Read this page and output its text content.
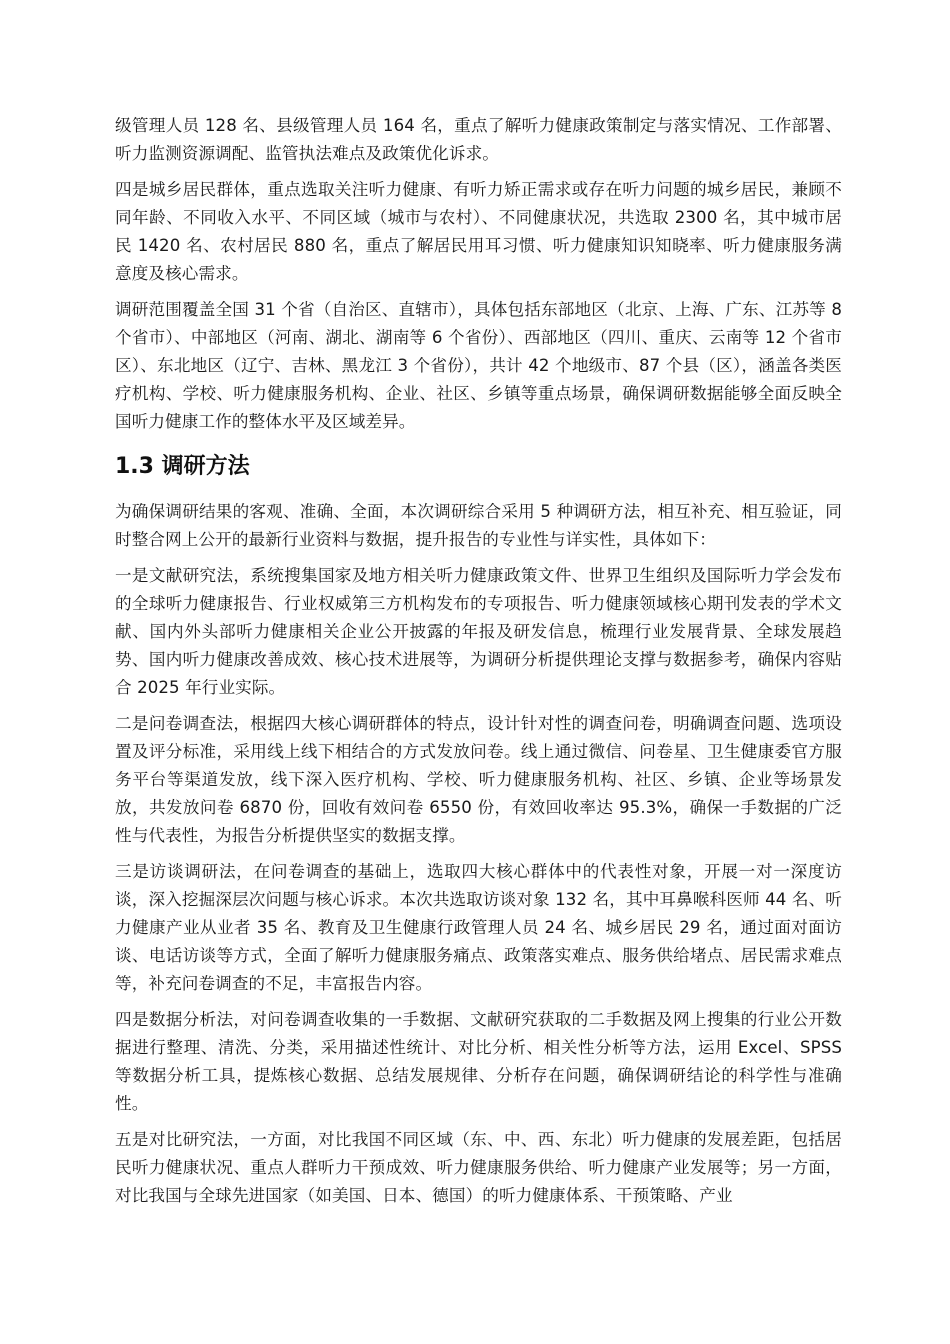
级管理人员 128 名、县级管理人员 164 名，重点了解听力健康政策制定与落实情况、工作部署、听力监测资源调配、监管执法难点及政策优化诉求。

四是城乡居民群体，重点选取关注听力健康、有听力矫正需求或存在听力问题的城乡居民，兼顾不同年龄、不同收入水平、不同区域（城市与农村）、不同健康状况，共选取 2300 名，其中城市居民 1420 名、农村居民 880 名，重点了解居民用耳习惯、听力健康知识知晓率、听力健康服务满意度及核心需求。

调研范围覆盖全国 31 个省（自治区、直辖市），具体包括东部地区（北京、上海、广东、江苏等 8 个省市）、中部地区（河南、湖北、湖南等 6 个省份）、西部地区（四川、重庆、云南等 12 个省市区）、东北地区（辽宁、吉林、黑龙江 3 个省份），共计 42 个地级市、87 个县（区），涵盖各类医疗机构、学校、听力健康服务机构、企业、社区、乡镇等重点场景，确保调研数据能够全面反映全国听力健康工作的整体水平及区域差异。

1.3 调研方法

为确保调研结果的客观、准确、全面，本次调研综合采用 5 种调研方法，相互补充、相互验证，同时整合网上公开的最新行业资料与数据，提升报告的专业性与详实性，具体如下：

一是文献研究法，系统搜集国家及地方相关听力健康政策文件、世界卫生组织及国际听力学会发布的全球听力健康报告、行业权威第三方机构发布的专项报告、听力健康领域核心期刊发表的学术文献、国内外头部听力健康相关企业公开披露的年报及研发信息，梳理行业发展背景、全球发展趋势、国内听力健康改善成效、核心技术进展等，为调研分析提供理论支撑与数据参考，确保内容贴合 2025 年行业实际。

二是问卷调查法，根据四大核心调研群体的特点，设计针对性的调查问卷，明确调查问题、选项设置及评分标准，采用线上线下相结合的方式发放问卷。线上通过微信、问卷星、卫生健康委官方服务平台等渠道发放，线下深入医疗机构、学校、听力健康服务机构、社区、乡镇、企业等场景发放，共发放问卷 6870 份，回收有效问卷 6550 份，有效回收率达 95.3%，确保一手数据的广泛性与代表性，为报告分析提供坚实的数据支撑。

三是访谈调研法，在问卷调查的基础上，选取四大核心群体中的代表性对象，开展一对一深度访谈，深入挖掘深层次问题与核心诉求。本次共选取访谈对象 132 名，其中耳鼻喉科医师 44 名、听力健康产业从业者 35 名、教育及卫生健康行政管理人员 24 名、城乡居民 29 名，通过面对面访谈、电话访谈等方式，全面了解听力健康服务痛点、政策落实难点、服务供给堵点、居民需求难点等，补充问卷调查的不足，丰富报告内容。

四是数据分析法，对问卷调查收集的一手数据、文献研究获取的二手数据及网上搜集的行业公开数据进行整理、清洗、分类，采用描述性统计、对比分析、相关性分析等方法，运用 Excel、SPSS 等数据分析工具，提炼核心数据、总结发展规律、分析存在问题，确保调研结论的科学性与准确性。

五是对比研究法，一方面，对比我国不同区域（东、中、西、东北）听力健康的发展差距，包括居民听力健康状况、重点人群听力干预成效、听力健康服务供给、听力健康产业发展等；另一方面，对比我国与全球先进国家（如美国、日本、德国）的听力健康体系、干预策略、产业
